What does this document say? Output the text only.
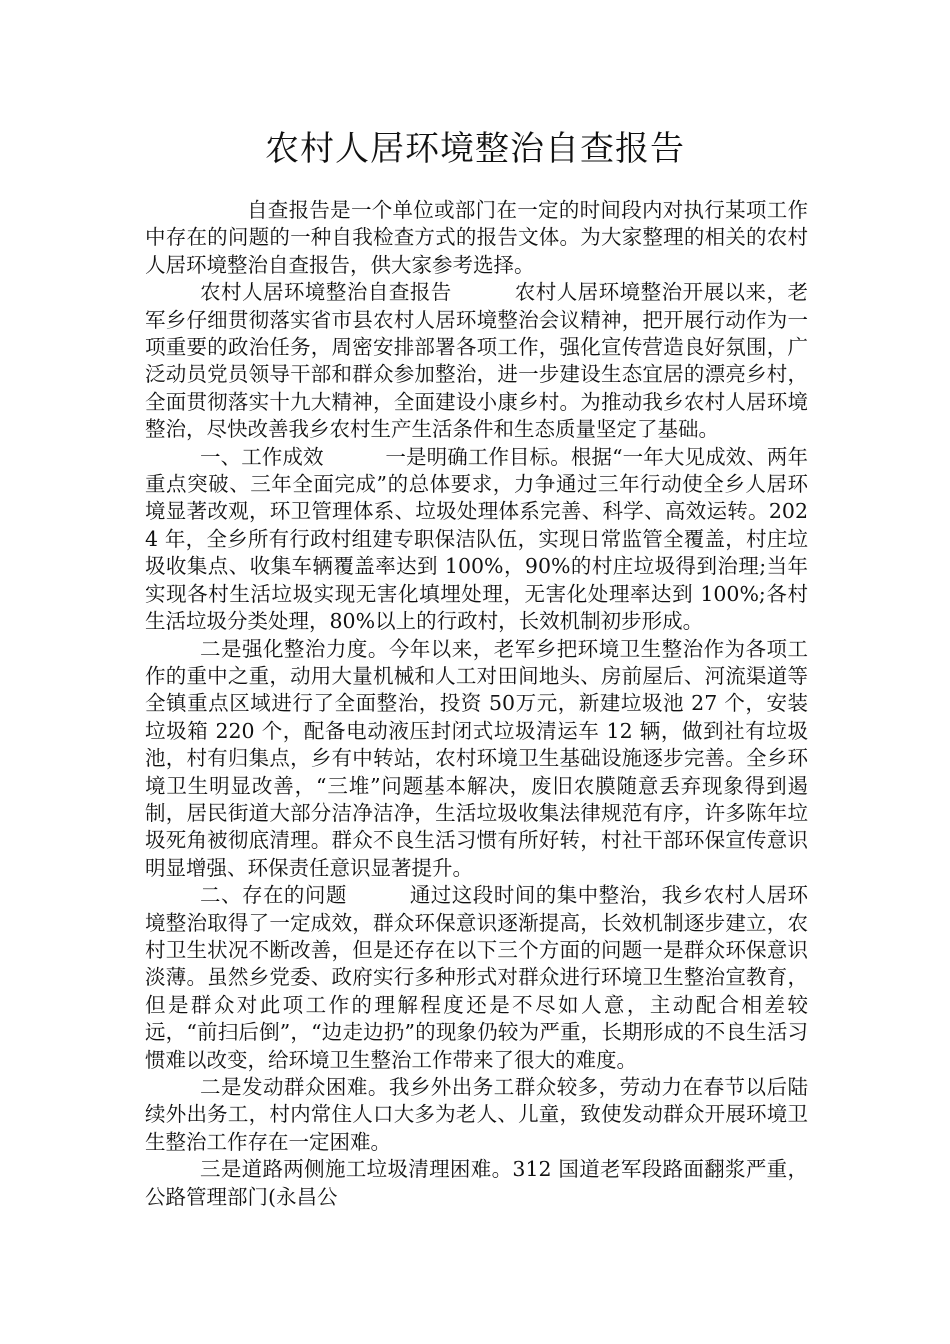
农村人居环境整治自查报告

自查报告是一个单位或部门在一定的时间段内对执行某项工作中存在的问题的一种自我检查方式的报告文体。为大家整理的相关的农村人居环境整治自查报告，供大家参考选择。

农村人居环境整治自查报告　　　农村人居环境整治开展以来，老军乡仔细贯彻落实省市县农村人居环境整治会议精神，把开展行动作为一项重要的政治任务，周密安排部署各项工作，强化宣传营造良好氛围，广泛动员党员领导干部和群众参加整治，进一步建设生态宜居的漂亮乡村，全面贯彻落实十九大精神，全面建设小康乡村。为推动我乡农村人居环境整治，尽快改善我乡农村生产生活条件和生态质量坚定了基础。

一、工作成效　　　一是明确工作目标。根据“一年大见成效、两年重点突破、三年全面完成”的总体要求，力争通过三年行动使全乡人居环境显著改观，环卫管理体系、垃圾处理体系完善、科学、高效运转。2024 年，全乡所有行政村组建专职保洁队伍，实现日常监管全覆盖，村庄垃圾收集点、收集车辆覆盖率达到 100%，90%的村庄垃圾得到治理;当年实现各村生活垃圾实现无害化填埋处理，无害化处理率达到 100%;各村生活垃圾分类处理，80%以上的行政村，长效机制初步形成。

二是强化整治力度。今年以来，老军乡把环境卫生整治作为各项工作的重中之重，动用大量机械和人工对田间地头、房前屋后、河流渠道等全镇重点区域进行了全面整治，投资 50万元，新建垃圾池 27 个，安装垃圾箱 220 个，配备电动液压封闭式垃圾清运车 12 辆，做到社有垃圾池，村有归集点，乡有中转站，农村环境卫生基础设施逐步完善。全乡环境卫生明显改善，“三堆”问题基本解决，废旧农膜随意丢弃现象得到遏制，居民街道大部分洁净洁净，生活垃圾收集法律规范有序，许多陈年垃圾死角被彻底清理。群众不良生活习惯有所好转，村社干部环保宣传意识明显增强、环保责任意识显著提升。

二、存在的问题　　　通过这段时间的集中整治，我乡农村人居环境整治取得了一定成效，群众环保意识逐渐提高，长效机制逐步建立，农村卫生状况不断改善，但是还存在以下三个方面的问题一是群众环保意识淡薄。虽然乡党委、政府实行多种形式对群众进行环境卫生整治宣教育，但是群众对此项工作的理解程度还是不尽如人意，主动配合相差较远，“前扫后倒”，“边走边扔”的现象仍较为严重，长期形成的不良生活习惯难以改变，给环境卫生整治工作带来了很大的难度。

二是发动群众困难。我乡外出务工群众较多，劳动力在春节以后陆续外出务工，村内常住人口大多为老人、儿童，致使发动群众开展环境卫生整治工作存在一定困难。

三是道路两侧施工垃圾清理困难。312 国道老军段路面翻浆严重，公路管理部门(永昌公
